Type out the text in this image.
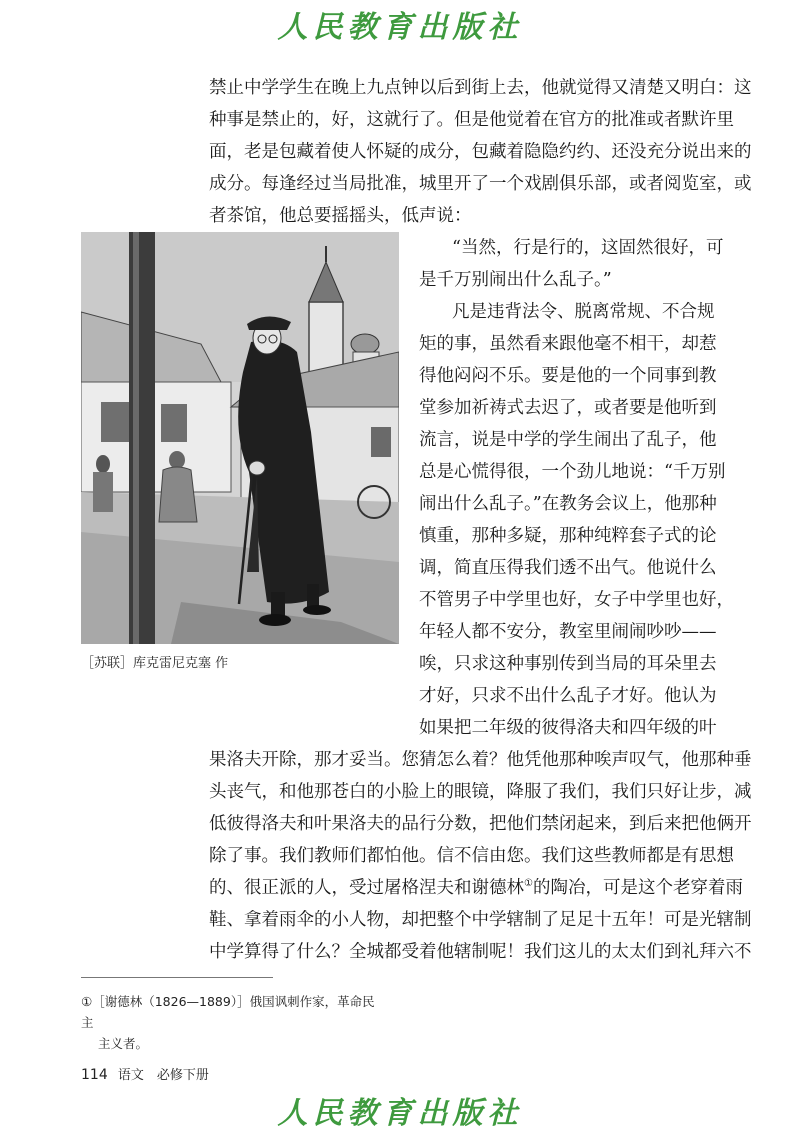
人民教育出版社
禁止中学学生在晚上九点钟以后到街上去，他就觉得又清楚又明白：这
种事是禁止的，好，这就行了。但是他觉着在官方的批准或者默许里
面，老是包藏着使人怀疑的成分，包藏着隐隐约约、还没充分说出来的
成分。每逢经过当局批准，城里开了一个戏剧俱乐部，或者阅览室，或
者茶馆，他总要摇摇头，低声说：
“当然，行是行的，这固然很好，可
是千万别闹出什么乱子。”
凡是违背法令、脱离常规、不合规
矩的事，虽然看来跟他毫不相干，却惹
得他闷闷不乐。要是他的一个同事到教
堂参加祈祷式去迟了，或者要是他听到
流言，说是中学的学生闹出了乱子，他
总是心慌得很，一个劲儿地说：“千万别
闹出什么乱子。”在教务会议上，他那种
慎重，那种多疑，那种纯粹套子式的论
调，简直压得我们透不出气。他说什么
不管男子中学里也好，女子中学里也好，
年轻人都不安分，教室里闹闹吵吵——
唉，只求这种事别传到当局的耳朵里去
才好，只求不出什么乱子才好。他认为
如果把二年级的彼得洛夫和四年级的叶
［苏联］库克雷尼克塞 作
果洛夫开除，那才妥当。您猜怎么着？他凭他那种唉声叹气，他那种垂
头丧气，和他那苍白的小脸上的眼镜，降服了我们，我们只好让步，减
低彼得洛夫和叶果洛夫的品行分数，把他们禁闭起来，到后来把他俩开
除了事。我们教师们都怕他。信不信由您。我们这些教师都是有思想
的、很正派的人，受过屠格涅夫和谢德林①的陶冶，可是这个老穿着雨
鞋、拿着雨伞的小人物，却把整个中学辖制了足足十五年！可是光辖制
中学算得了什么？全城都受着他辖制呢！我们这儿的太太们到礼拜六不
①［谢德林（1826—1889）］俄国讽刺作家，革命民主
主义者。
114 语文　必修下册
人民教育出版社
